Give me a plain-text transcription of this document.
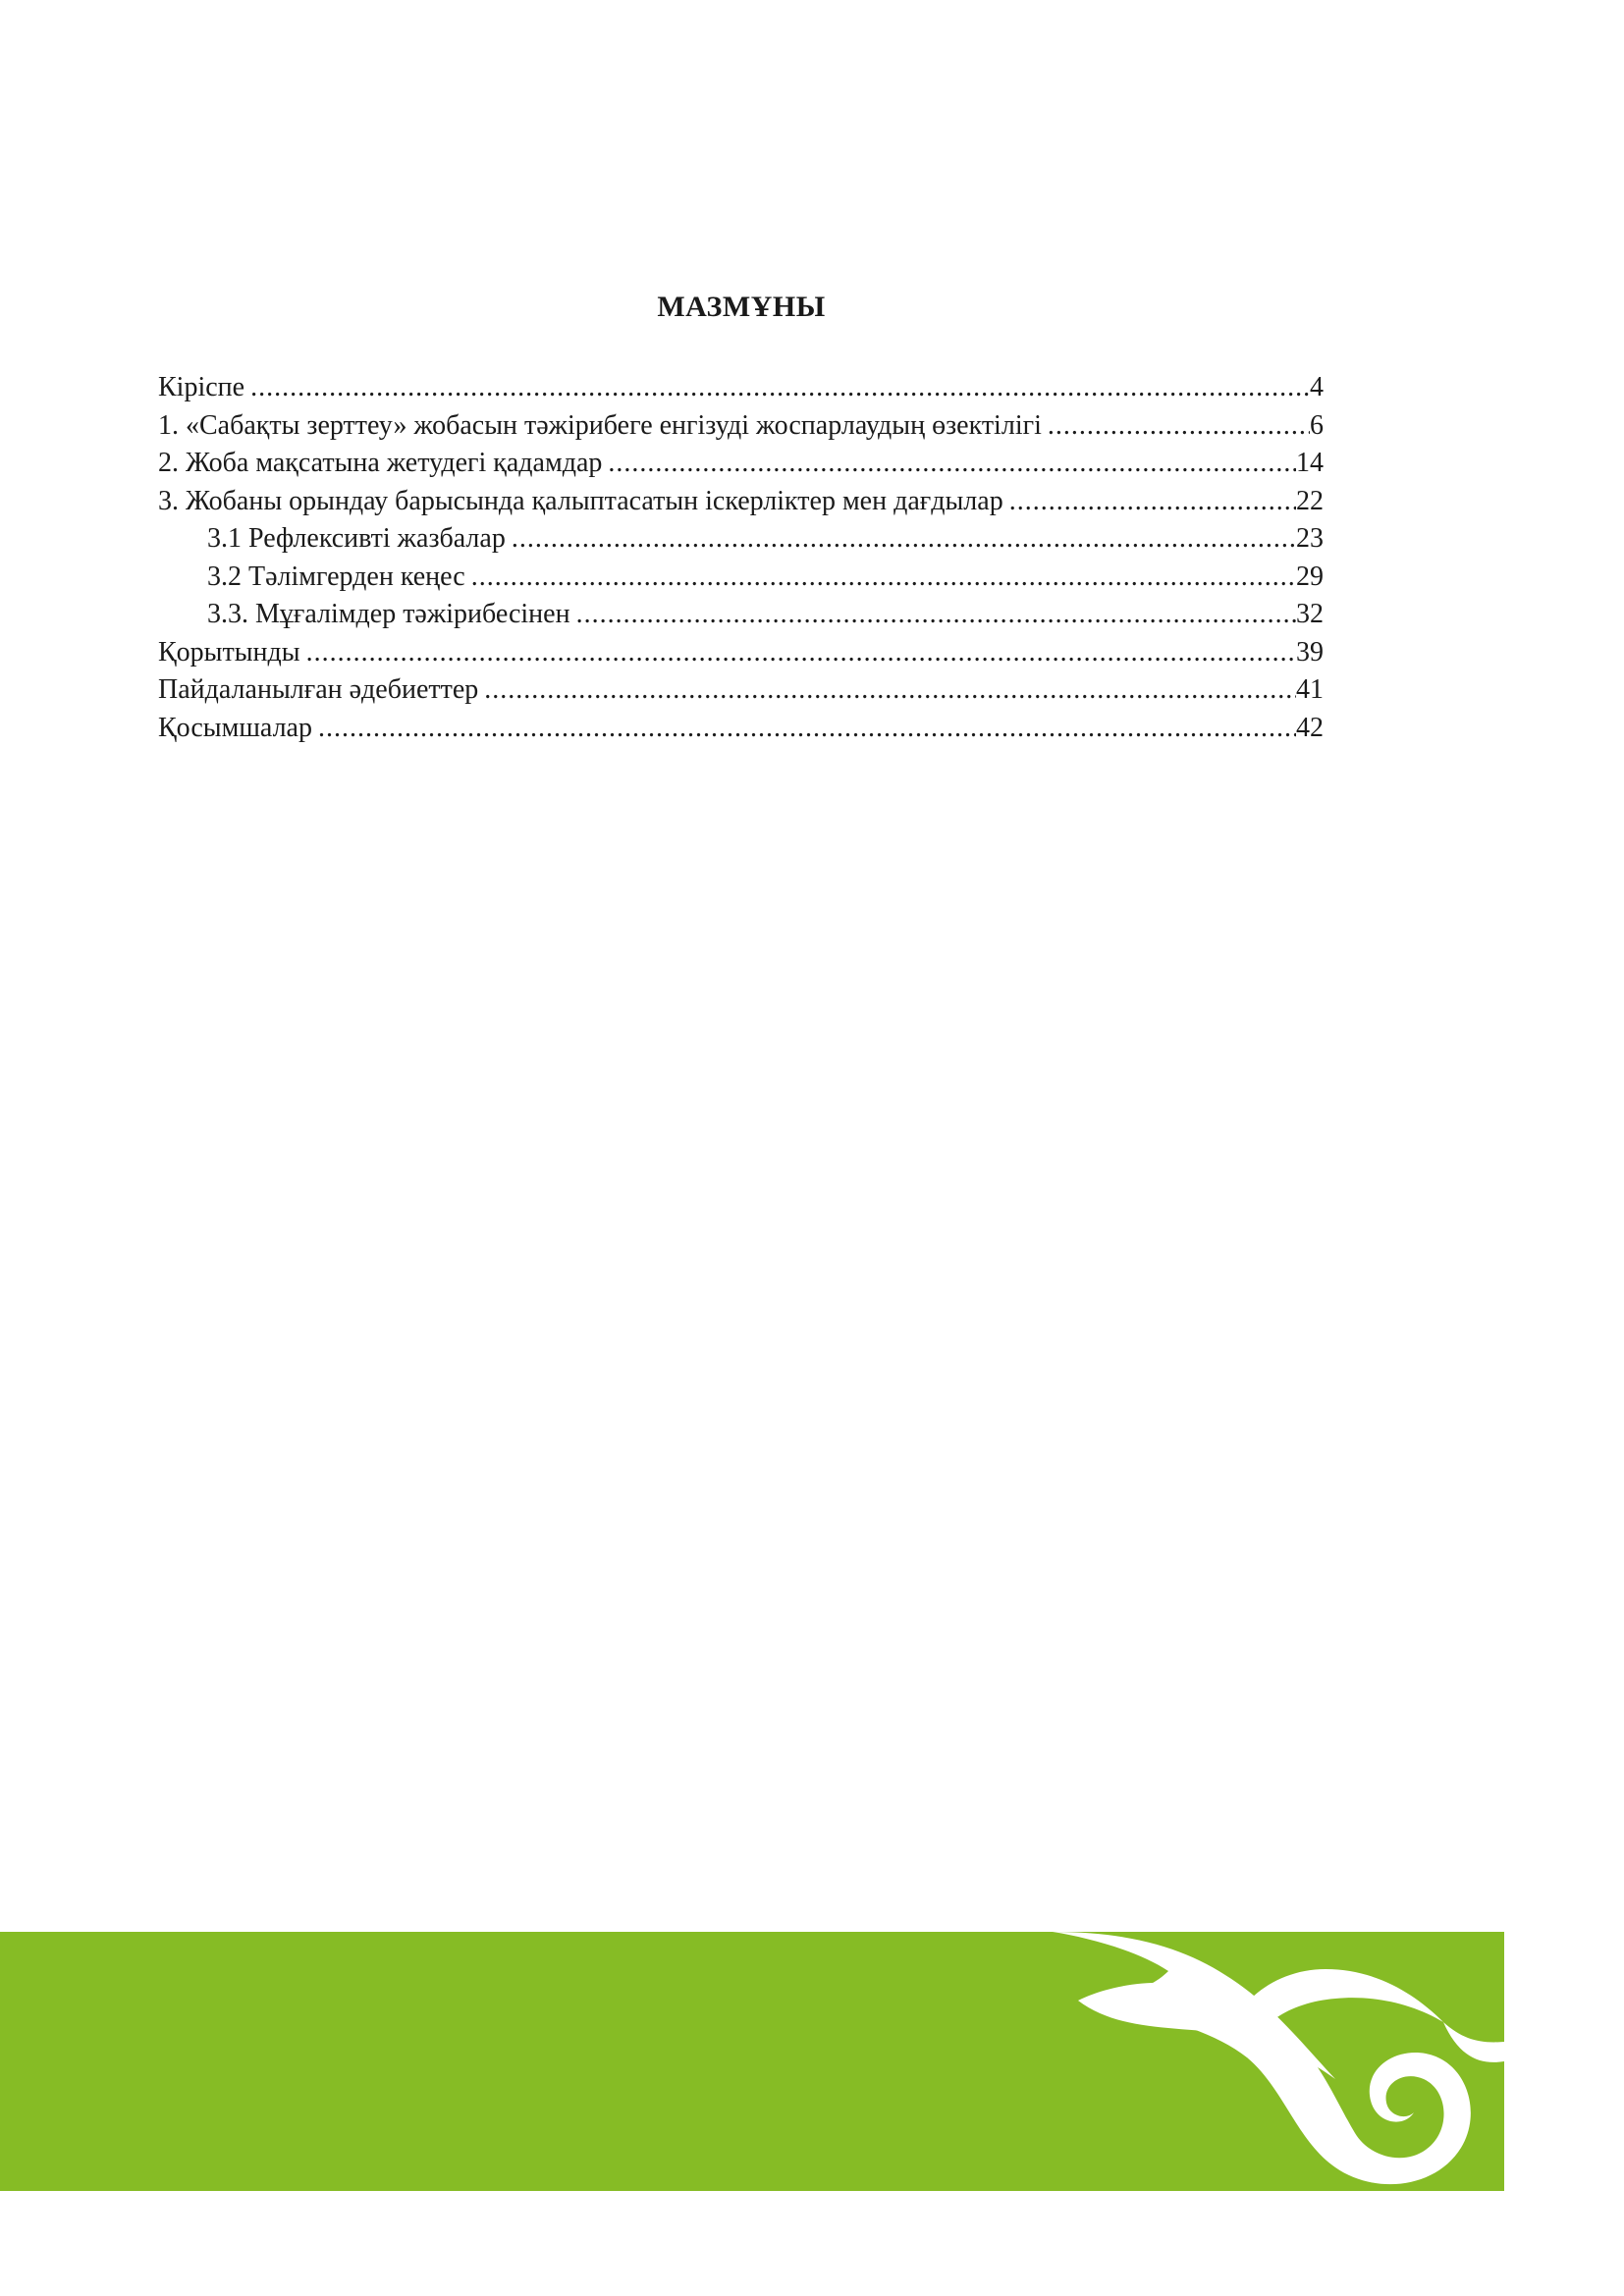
МАЗМҰНЫ
Кіріспе .....	4
1. «Сабақты зерттеу» жобасын тәжірибеге енгізуді жоспарлаудың өзектілігі .....	6
2. Жоба мақсатына жетудегі қадамдар .....	14
3. Жобаны орындау барысында қалыптасатын іскерліктер мен дағдылар .....	22
3.1 Рефлексивті жазбалар .....	23
3.2 Тәлімгерден кеңес .....	29
3.3. Мұғалімдер тәжірибесінен .....	32
Қорытынды .....	39
Пайдаланылған әдебиеттер .....	41
Қосымшалар .....	42
